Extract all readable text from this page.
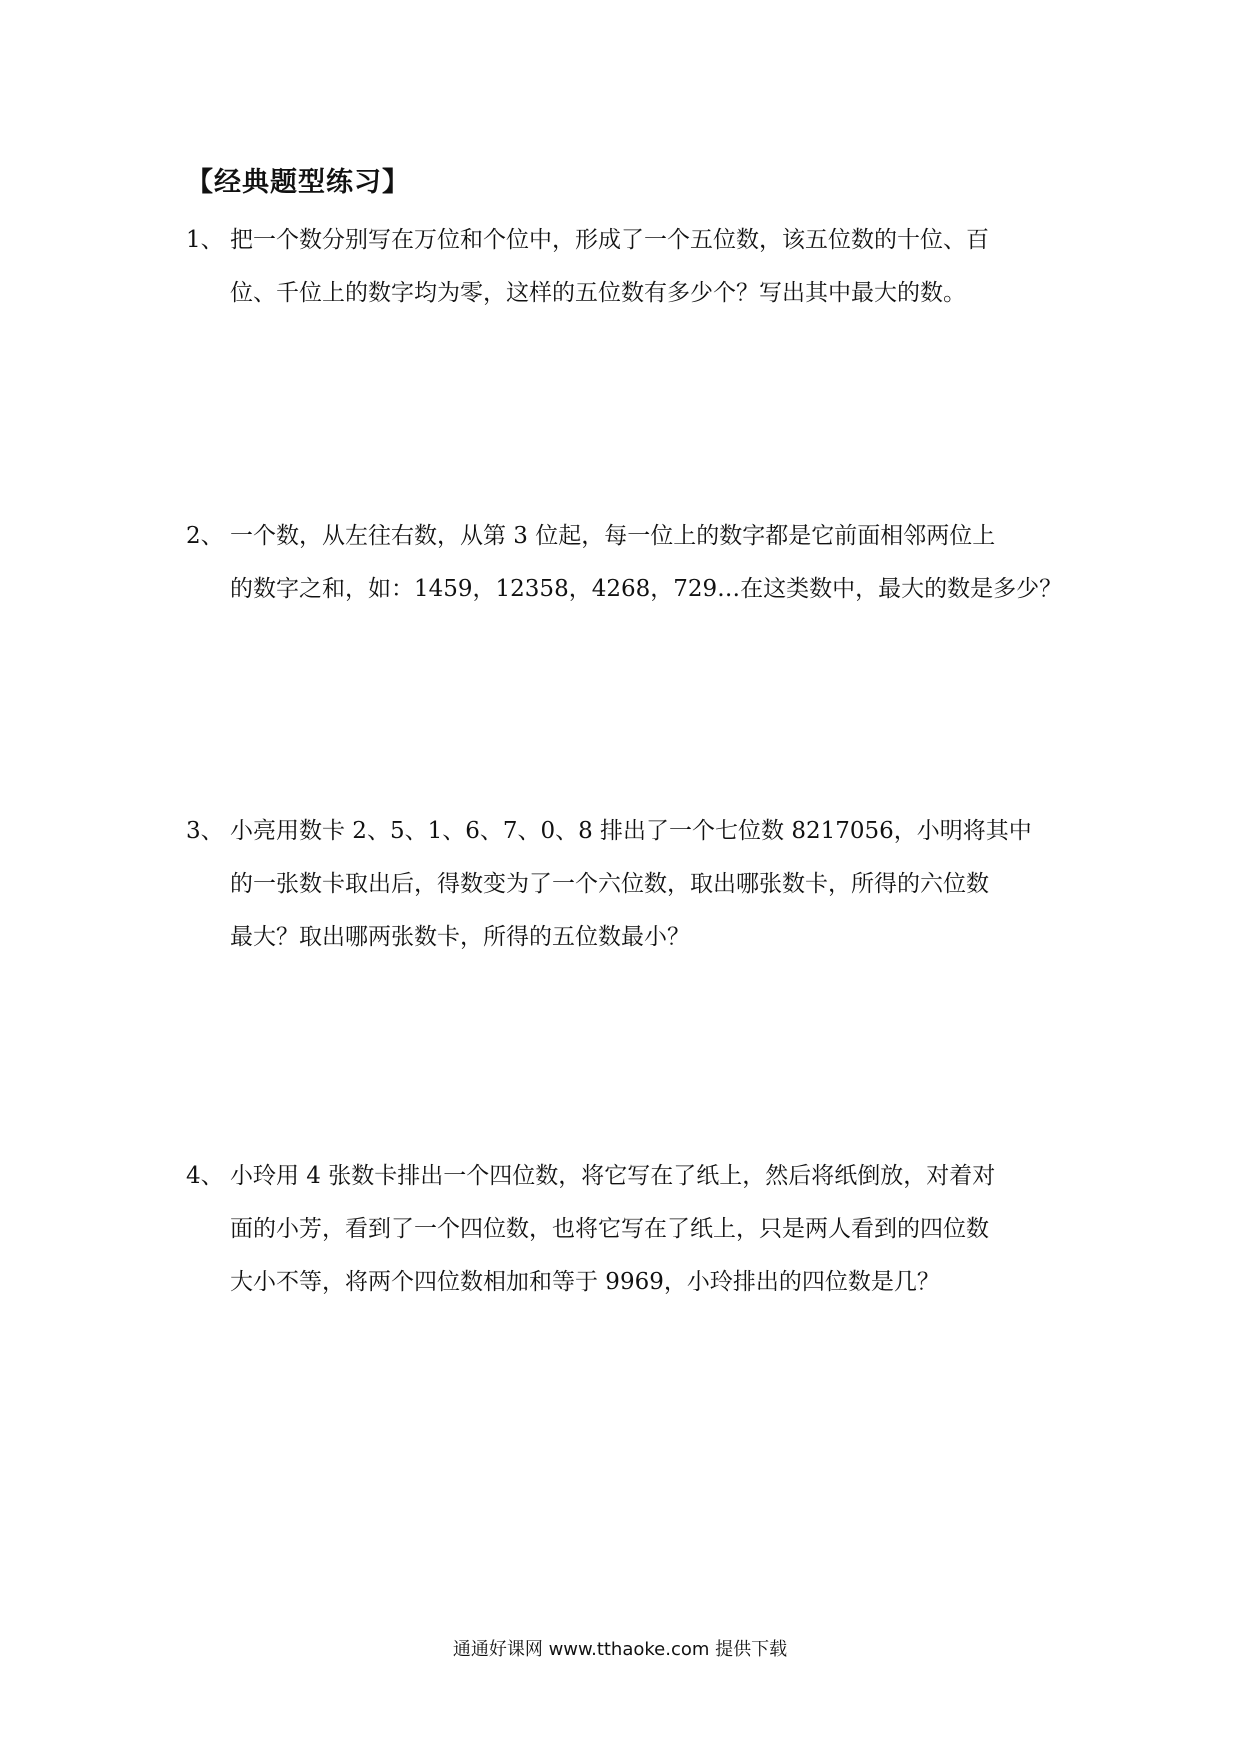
【经典题型练习】
1、 把一个数分别写在万位和个位中，形成了一个五位数，该五位数的十位、百
位、千位上的数字均为零，这样的五位数有多少个？写出其中最大的数。
2、 一个数，从左往右数，从第 3 位起，每一位上的数字都是它前面相邻两位上
的数字之和，如：1459，12358，4268，729…在这类数中，最大的数是多少？
3、 小亮用数卡 2、5、1、6、7、0、8 排出了一个七位数 8217056，小明将其中
的一张数卡取出后，得数变为了一个六位数，取出哪张数卡，所得的六位数
最大？取出哪两张数卡，所得的五位数最小？
4、 小玲用 4 张数卡排出一个四位数，将它写在了纸上，然后将纸倒放，对着对
面的小芳，看到了一个四位数，也将它写在了纸上，只是两人看到的四位数
大小不等，将两个四位数相加和等于 9969，小玲排出的四位数是几？
通通好课网 www.tthaoke.com 提供下载
